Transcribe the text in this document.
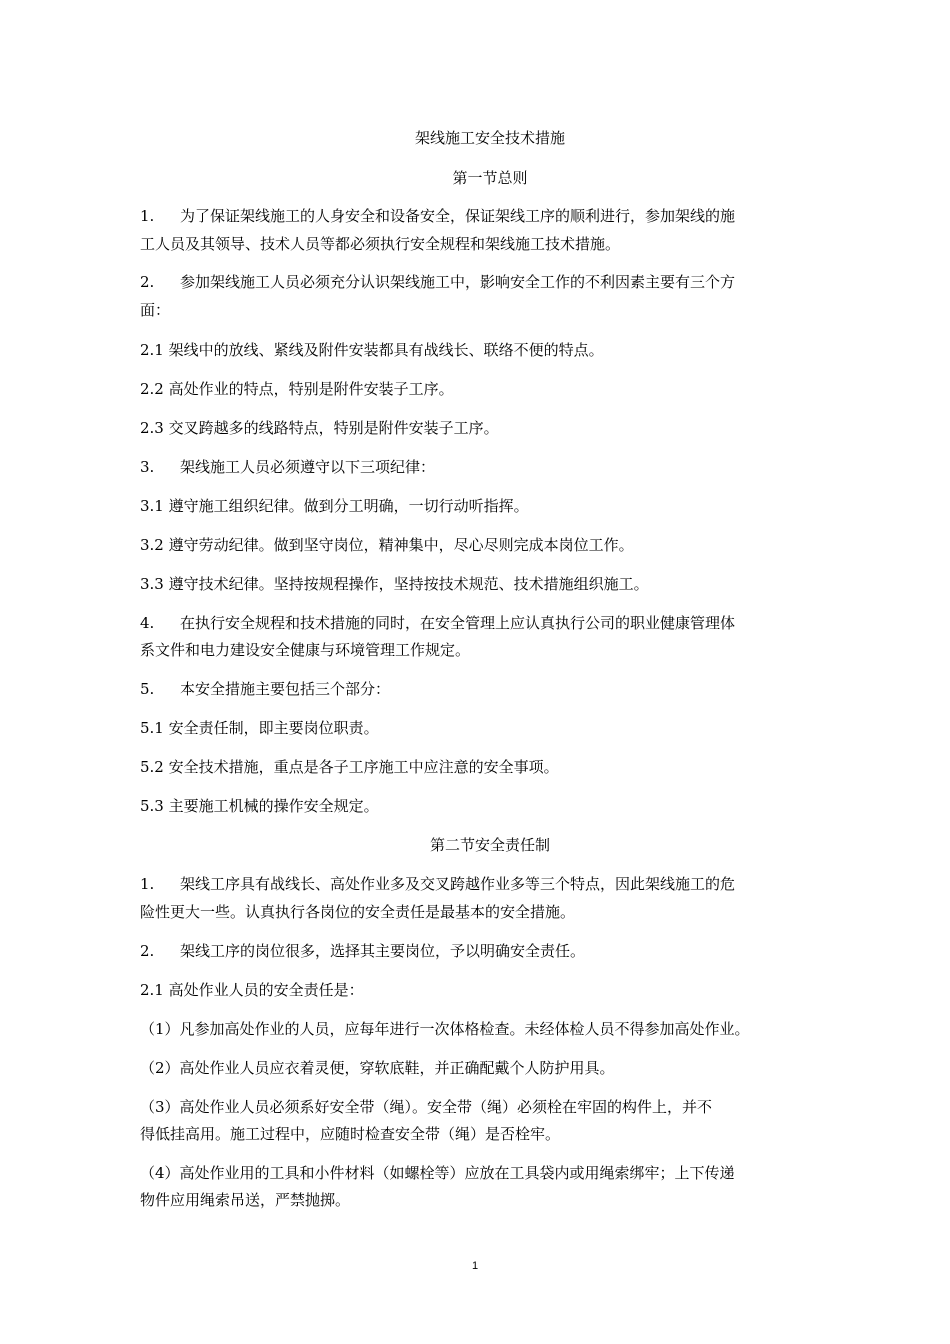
架线施工安全技术措施
第一节总则
1. 为了保证架线施工的人身安全和设备安全，保证架线工序的顺利进行，参加架线的施
工人员及其领导、技术人员等都必须执行安全规程和架线施工技术措施。
2. 参加架线施工人员必须充分认识架线施工中，影响安全工作的不利因素主要有三个方
面：
2.1 架线中的放线、紧线及附件安装都具有战线长、联络不便的特点。
2.2 高处作业的特点，特别是附件安装子工序。
2.3 交叉跨越多的线路特点，特别是附件安装子工序。
3. 架线施工人员必须遵守以下三项纪律：
3.1 遵守施工组织纪律。做到分工明确，一切行动听指挥。
3.2 遵守劳动纪律。做到坚守岗位，精神集中，尽心尽则完成本岗位工作。
3.3 遵守技术纪律。坚持按规程操作，坚持按技术规范、技术措施组织施工。
4. 在执行安全规程和技术措施的同时，在安全管理上应认真执行公司的职业健康管理体
系文件和电力建设安全健康与环境管理工作规定。
5. 本安全措施主要包括三个部分：
5.1 安全责任制，即主要岗位职责。
5.2 安全技术措施，重点是各子工序施工中应注意的安全事项。
5.3 主要施工机械的操作安全规定。
第二节安全责任制
1. 架线工序具有战线长、高处作业多及交叉跨越作业多等三个特点，因此架线施工的危
险性更大一些。认真执行各岗位的安全责任是最基本的安全措施。
2. 架线工序的岗位很多，选择其主要岗位，予以明确安全责任。
2.1 高处作业人员的安全责任是：
（1）凡参加高处作业的人员，应每年进行一次体格检查。未经体检人员不得参加高处作业。
（2）高处作业人员应衣着灵便，穿软底鞋，并正确配戴个人防护用具。
（3）高处作业人员必须系好安全带（绳）。安全带（绳）必须栓在牢固的构件上，并不
得低挂高用。施工过程中，应随时检查安全带（绳）是否栓牢。
（4）高处作业用的工具和小件材料（如螺栓等）应放在工具袋内或用绳索绑牢；上下传递
物件应用绳索吊送，严禁抛掷。
1
